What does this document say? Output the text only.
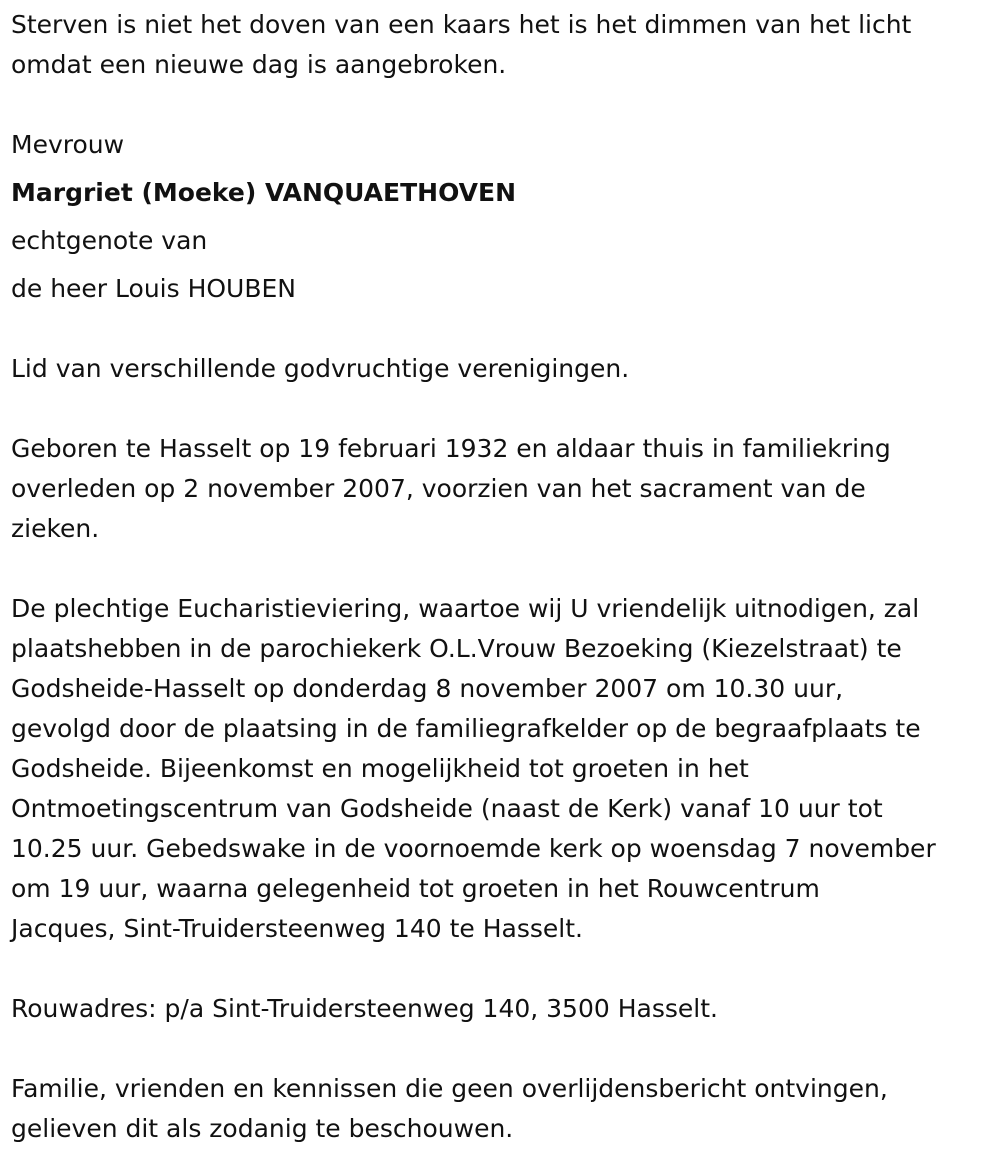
Sterven is niet het doven van een kaars het is het dimmen van het licht
omdat een nieuwe dag is aangebroken.

Mevrouw

Margriet (Moeke) VANQUAETHOVEN

echtgenote van

de heer Louis HOUBEN

Lid van verschillende godvruchtige verenigingen.

Geboren te Hasselt op 19 februari 1932 en aldaar thuis in familiekring
overleden op 2 november 2007, voorzien van het sacrament van de
zieken.

De plechtige Eucharistieviering, waartoe wij U vriendelijk uitnodigen, zal
plaatshebben in de parochiekerk O.L.Vrouw Bezoeking (Kiezelstraat) te
Godsheide-Hasselt op donderdag 8 november 2007 om 10.30 uur,
gevolgd door de plaatsing in de familiegrafkelder op de begraafplaats te
Godsheide. Bijeenkomst en mogelijkheid tot groeten in het
Ontmoetingscentrum van Godsheide (naast de Kerk) vanaf 10 uur tot
10.25 uur. Gebedswake in de voornoemde kerk op woensdag 7 november
om 19 uur, waarna gelegenheid tot groeten in het Rouwcentrum
Jacques, Sint-Truidersteenweg 140 te Hasselt.

Rouwadres: p/a Sint-Truidersteenweg 140, 3500 Hasselt.

Familie, vrienden en kennissen die geen overlijdensbericht ontvingen,
gelieven dit als zodanig te beschouwen.
